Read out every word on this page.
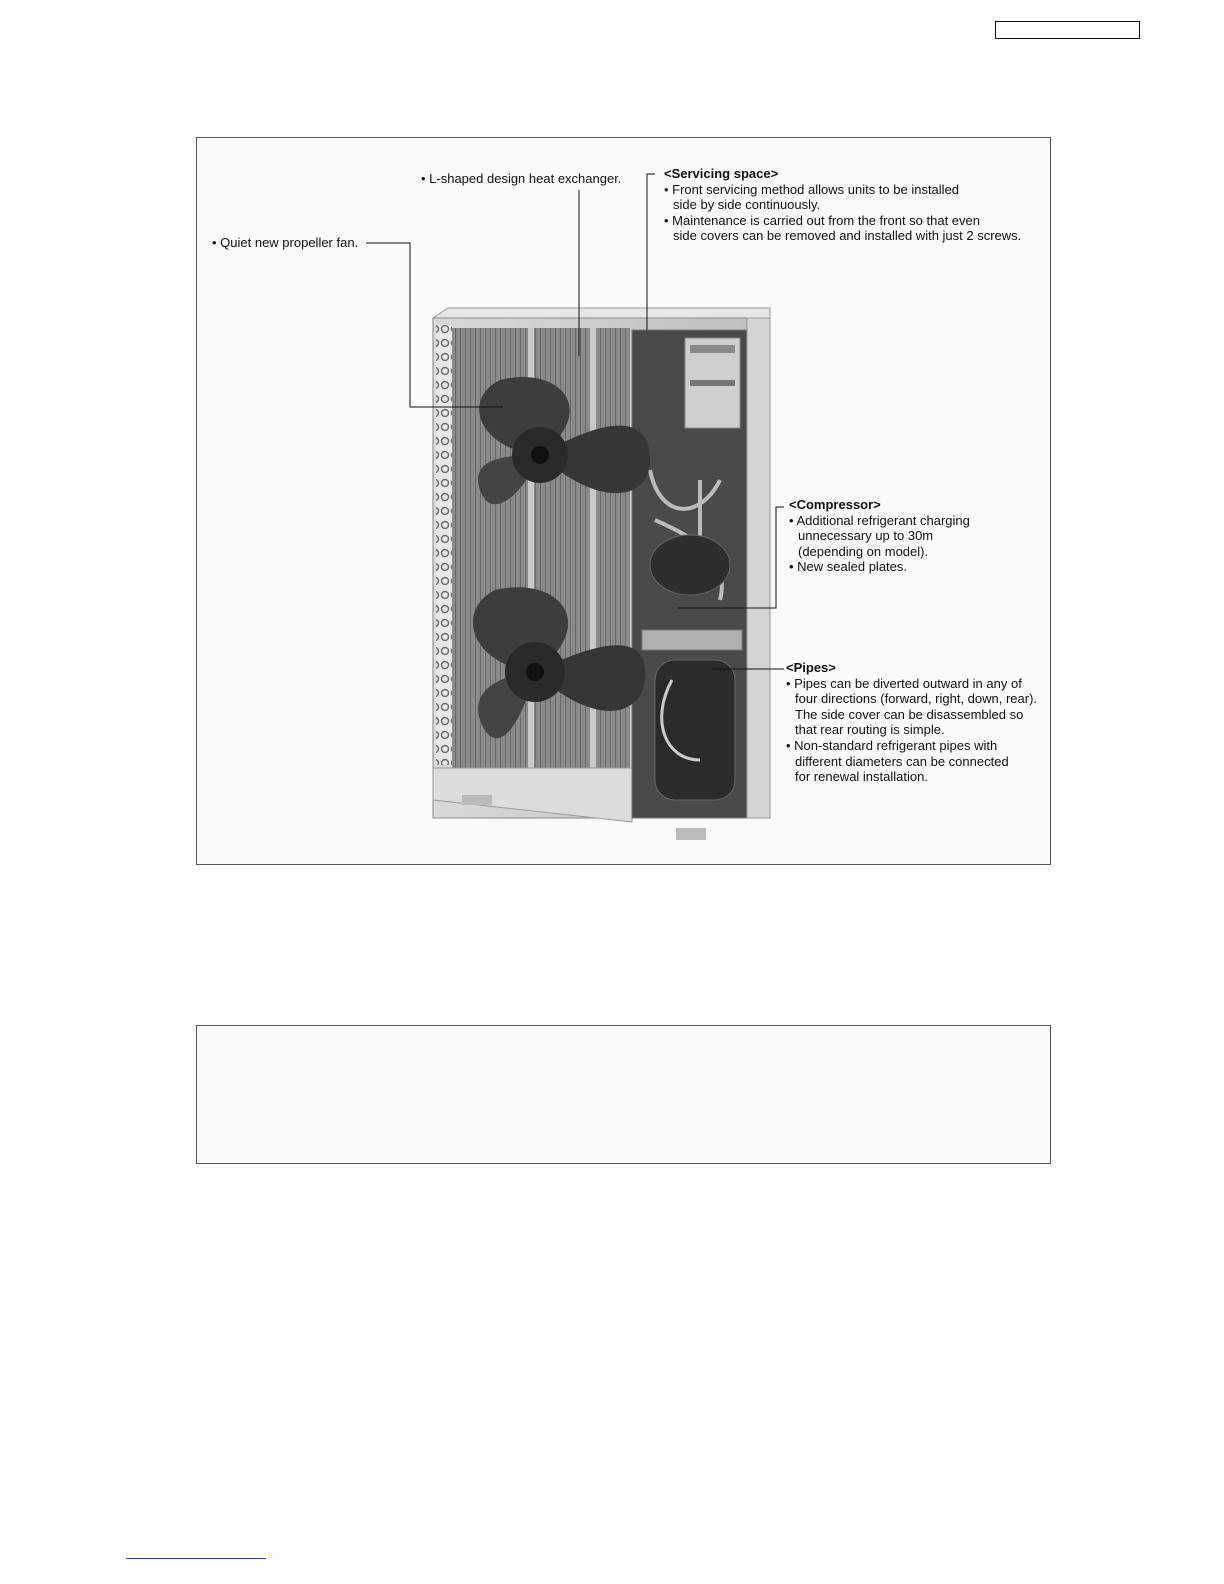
• Quiet new propeller fan.
• L-shaped design heat exchanger.	<Servicing space>
• Front servicing method allows units to be installed
side by side continuously.
• Maintenance is carried out from the front so that even
side covers can be removed and installed with just 2 screws.
<Compressor>
• Additional refrigerant charging
unnecessary up to 30m
(depending on model).
• New sealed plates.
<Pipes>
• Pipes can be diverted outward in any of
four directions (forward, right, down, rear).
The side cover can be disassembled so
that rear routing is simple.
• Non-standard refrigerant pipes with
different diameters can be connected
for renewal installation.
